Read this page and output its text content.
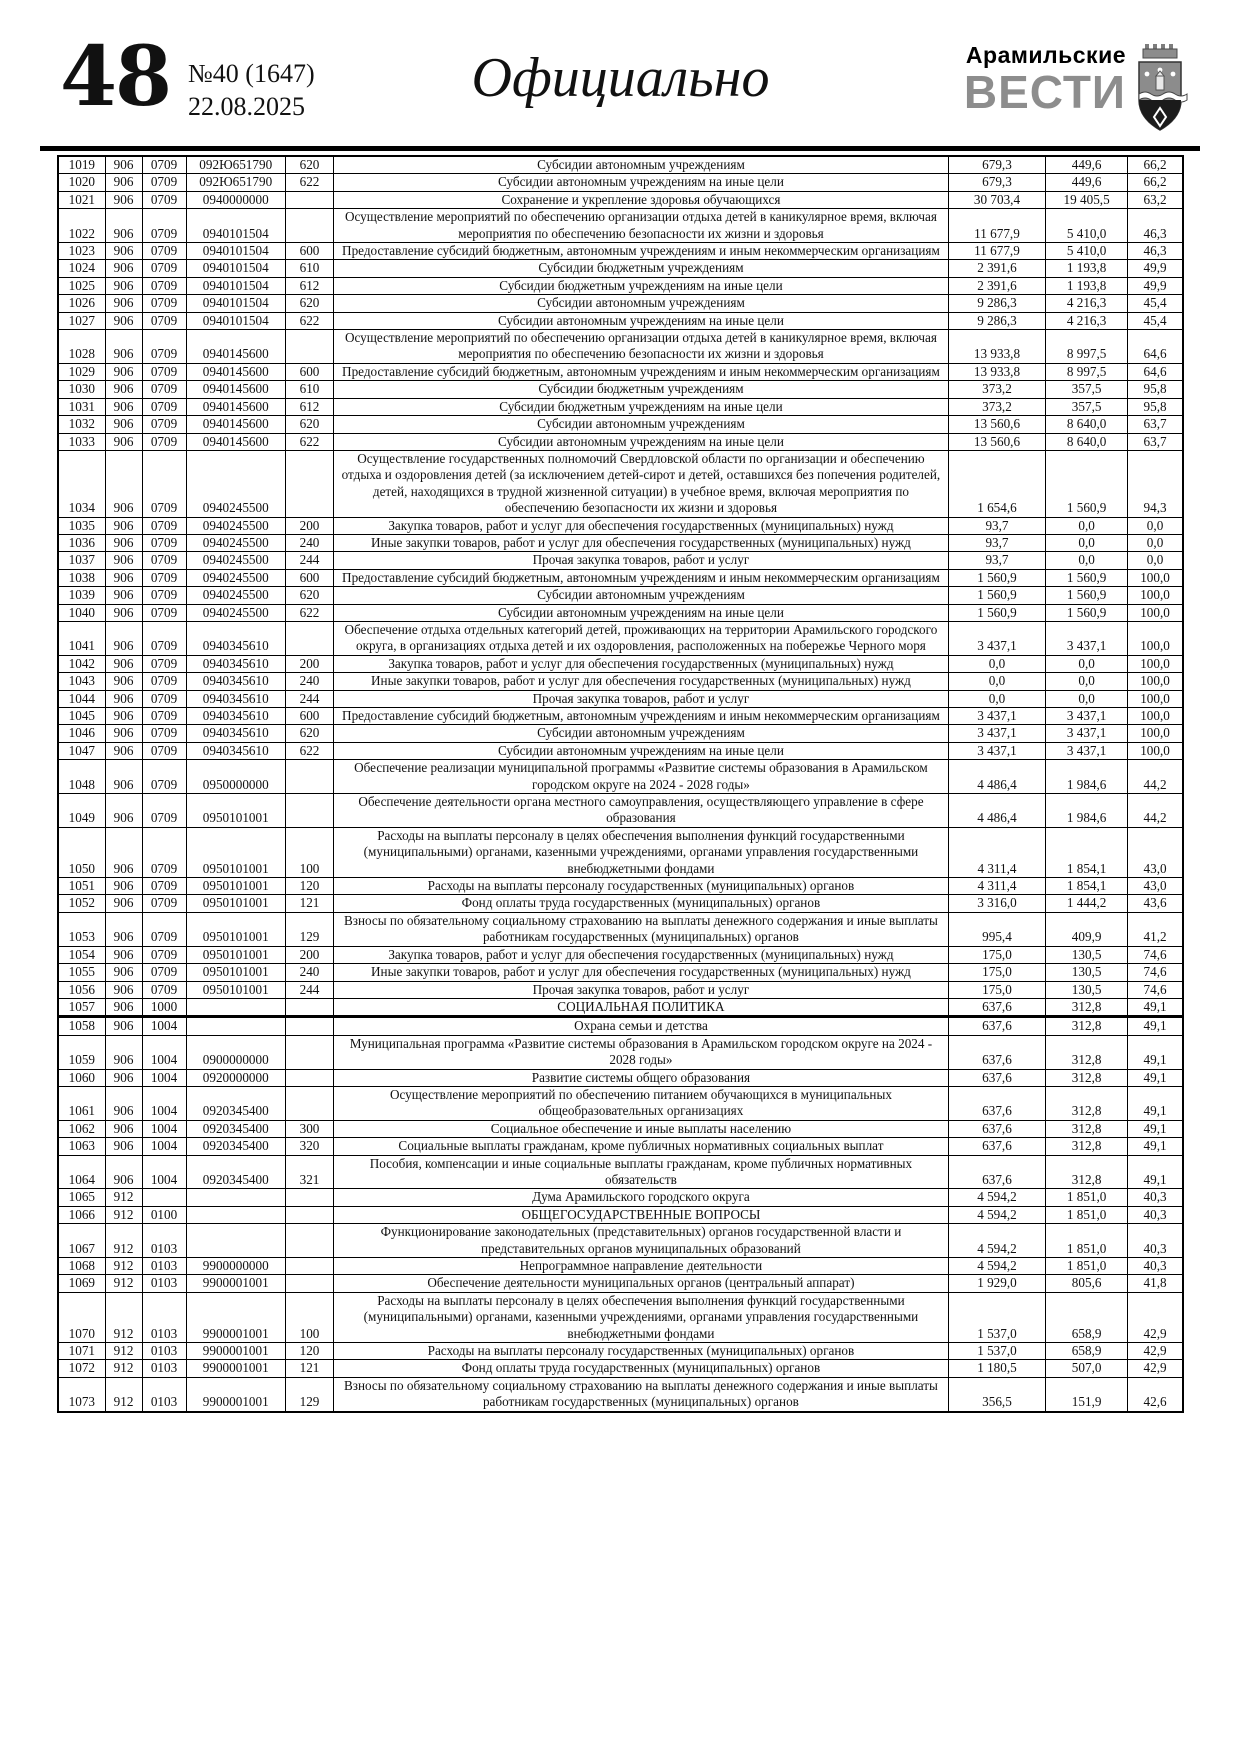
48 №40 (1647)
22.08.2025	Официально	Арамильские
ВЕСТИ
1019	906	0709	092Ю651790	620	Субсидии автономным учреждениям	679,3	449,6	66,2
1020	906	0709	092Ю651790	622	Субсидии автономным учреждениям на иные цели	679,3	449,6	66,2
1021	906	0709	0940000000		Сохранение и укрепление здоровья обучающихся	30 703,4	19 405,5	63,2
1022	906	0709	0940101504		Осуществление мероприятий по обеспечению организации отдыха детей в каникулярное время, включая мероприятия по обеспечению безопасности их жизни и здоровья	11 677,9	5 410,0	46,3
1023	906	0709	0940101504	600	Предоставление субсидий бюджетным, автономным учреждениям и иным некоммерческим организациям	11 677,9	5 410,0	46,3
1024	906	0709	0940101504	610	Субсидии бюджетным учреждениям	2 391,6	1 193,8	49,9
1025	906	0709	0940101504	612	Субсидии бюджетным учреждениям на иные цели	2 391,6	1 193,8	49,9
1026	906	0709	0940101504	620	Субсидии автономным учреждениям	9 286,3	4 216,3	45,4
1027	906	0709	0940101504	622	Субсидии автономным учреждениям на иные цели	9 286,3	4 216,3	45,4
1028	906	0709	0940145600		Осуществление мероприятий по обеспечению организации отдыха детей в каникулярное время, включая мероприятия по обеспечению безопасности их жизни и здоровья	13 933,8	8 997,5	64,6
1029	906	0709	0940145600	600	Предоставление субсидий бюджетным, автономным учреждениям и иным некоммерческим организациям	13 933,8	8 997,5	64,6
1030	906	0709	0940145600	610	Субсидии бюджетным учреждениям	373,2	357,5	95,8
1031	906	0709	0940145600	612	Субсидии бюджетным учреждениям на иные цели	373,2	357,5	95,8
1032	906	0709	0940145600	620	Субсидии автономным учреждениям	13 560,6	8 640,0	63,7
1033	906	0709	0940145600	622	Субсидии автономным учреждениям на иные цели	13 560,6	8 640,0	63,7
1034	906	0709	0940245500		Осуществление государственных полномочий Свердловской области по организации и обеспечению отдыха и оздоровления детей (за исключением детей-сирот и детей, оставшихся без попечения родителей, детей, находящихся в трудной жизненной ситуации) в учебное время, включая мероприятия по обеспечению безопасности их жизни и здоровья	1 654,6	1 560,9	94,3
1035	906	0709	0940245500	200	Закупка товаров, работ и услуг для обеспечения государственных (муниципальных) нужд	93,7	0,0	0,0
1036	906	0709	0940245500	240	Иные закупки товаров, работ и услуг для обеспечения государственных (муниципальных) нужд	93,7	0,0	0,0
1037	906	0709	0940245500	244	Прочая закупка товаров, работ и услуг	93,7	0,0	0,0
1038	906	0709	0940245500	600	Предоставление субсидий бюджетным, автономным учреждениям и иным некоммерческим организациям	1 560,9	1 560,9	100,0
1039	906	0709	0940245500	620	Субсидии автономным учреждениям	1 560,9	1 560,9	100,0
1040	906	0709	0940245500	622	Субсидии автономным учреждениям на иные цели	1 560,9	1 560,9	100,0
1041	906	0709	0940345610		Обеспечение отдыха отдельных категорий детей, проживающих на территории Арамильского городского округа, в организациях отдыха детей и их оздоровления, расположенных на побережье Черного моря	3 437,1	3 437,1	100,0
1042	906	0709	0940345610	200	Закупка товаров, работ и услуг для обеспечения государственных (муниципальных) нужд	0,0	0,0	100,0
1043	906	0709	0940345610	240	Иные закупки товаров, работ и услуг для обеспечения государственных (муниципальных) нужд	0,0	0,0	100,0
1044	906	0709	0940345610	244	Прочая закупка товаров, работ и услуг	0,0	0,0	100,0
1045	906	0709	0940345610	600	Предоставление субсидий бюджетным, автономным учреждениям и иным некоммерческим организациям	3 437,1	3 437,1	100,0
1046	906	0709	0940345610	620	Субсидии автономным учреждениям	3 437,1	3 437,1	100,0
1047	906	0709	0940345610	622	Субсидии автономным учреждениям на иные цели	3 437,1	3 437,1	100,0
1048	906	0709	0950000000		Обеспечение реализации муниципальной программы «Развитие системы образования в Арамильском городском округе на 2024 - 2028 годы»	4 486,4	1 984,6	44,2
1049	906	0709	0950101001		Обеспечение деятельности органа местного самоуправления, осуществляющего управление в сфере образования	4 486,4	1 984,6	44,2
1050	906	0709	0950101001	100	Расходы на выплаты персоналу в целях обеспечения выполнения функций государственными (муниципальными) органами, казенными учреждениями, органами управления государственными внебюджетными фондами	4 311,4	1 854,1	43,0
1051	906	0709	0950101001	120	Расходы на выплаты персоналу государственных (муниципальных) органов	4 311,4	1 854,1	43,0
1052	906	0709	0950101001	121	Фонд оплаты труда государственных (муниципальных) органов	3 316,0	1 444,2	43,6
1053	906	0709	0950101001	129	Взносы по обязательному социальному страхованию на выплаты денежного содержания и иные выплаты работникам государственных (муниципальных) органов	995,4	409,9	41,2
1054	906	0709	0950101001	200	Закупка товаров, работ и услуг для обеспечения государственных (муниципальных) нужд	175,0	130,5	74,6
1055	906	0709	0950101001	240	Иные закупки товаров, работ и услуг для обеспечения государственных (муниципальных) нужд	175,0	130,5	74,6
1056	906	0709	0950101001	244	Прочая закупка товаров, работ и услуг	175,0	130,5	74,6
1057	906	1000			СОЦИАЛЬНАЯ ПОЛИТИКА	637,6	312,8	49,1
1058	906	1004			Охрана семьи и детства	637,6	312,8	49,1
1059	906	1004	0900000000		Муниципальная программа «Развитие системы образования в Арамильском городском округе на 2024 - 2028 годы»	637,6	312,8	49,1
1060	906	1004	0920000000		Развитие системы общего образования	637,6	312,8	49,1
1061	906	1004	0920345400		Осуществление мероприятий по обеспечению питанием обучающихся в муниципальных общеобразовательных организациях	637,6	312,8	49,1
1062	906	1004	0920345400	300	Социальное обеспечение и иные выплаты населению	637,6	312,8	49,1
1063	906	1004	0920345400	320	Социальные выплаты гражданам, кроме публичных нормативных социальных выплат	637,6	312,8	49,1
1064	906	1004	0920345400	321	Пособия, компенсации и иные социальные выплаты гражданам, кроме публичных нормативных обязательств	637,6	312,8	49,1
1065	912				Дума Арамильского городского округа	4 594,2	1 851,0	40,3
1066	912	0100			ОБЩЕГОСУДАРСТВЕННЫЕ ВОПРОСЫ	4 594,2	1 851,0	40,3
1067	912	0103			Функционирование законодательных (представительных) органов государственной власти и представительных органов муниципальных образований	4 594,2	1 851,0	40,3
1068	912	0103	9900000000		Непрограммное направление деятельности	4 594,2	1 851,0	40,3
1069	912	0103	9900001001		Обеспечение деятельности муниципальных органов (центральный аппарат)	1 929,0	805,6	41,8
1070	912	0103	9900001001	100	Расходы на выплаты персоналу в целях обеспечения выполнения функций государственными (муниципальными) органами, казенными учреждениями, органами управления государственными внебюджетными фондами	1 537,0	658,9	42,9
1071	912	0103	9900001001	120	Расходы на выплаты персоналу государственных (муниципальных) органов	1 537,0	658,9	42,9
1072	912	0103	9900001001	121	Фонд оплаты труда государственных (муниципальных) органов	1 180,5	507,0	42,9
1073	912	0103	9900001001	129	Взносы по обязательному социальному страхованию на выплаты денежного содержания и иные выплаты работникам государственных (муниципальных) органов	356,5	151,9	42,6
